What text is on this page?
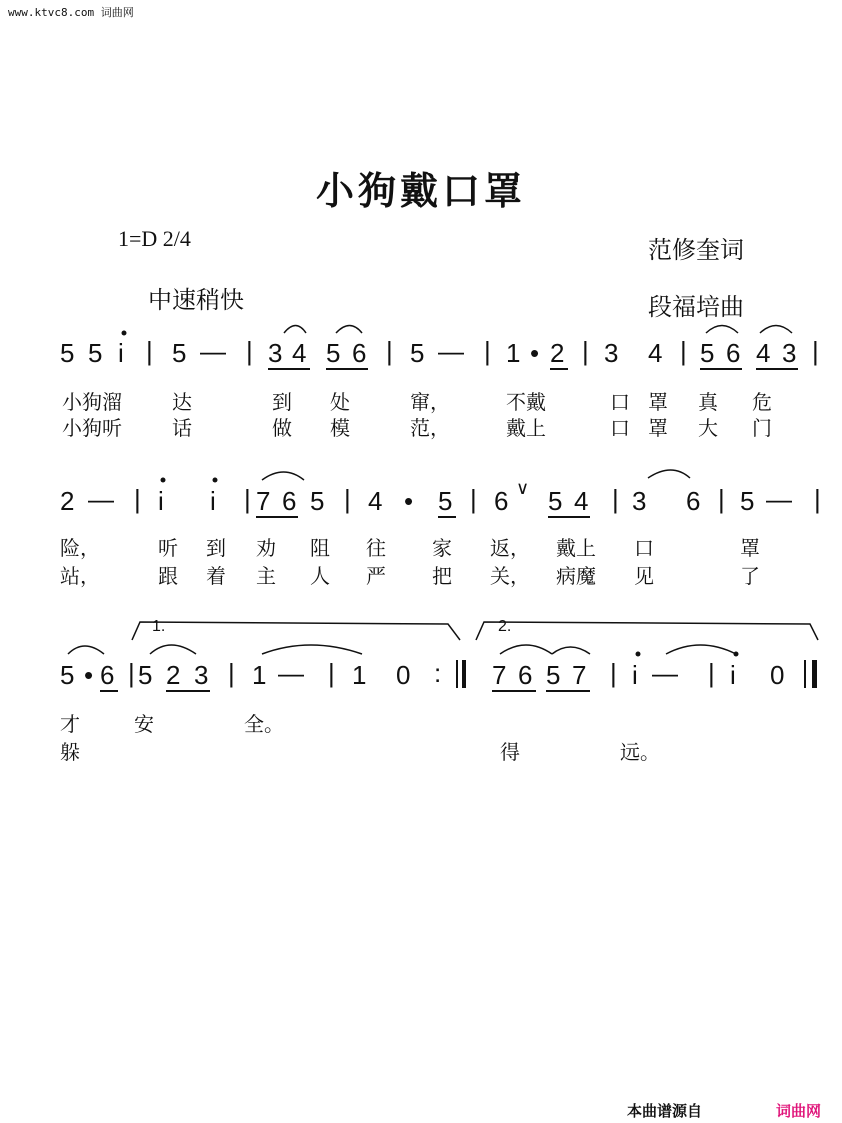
www.ktvc8.com 词曲网
小狗戴口罩
1=D 2/4
中速稍快
范修奎词
段福培曲
5 5 i | 5 — | 3 4 5 6 | 5 — | 1 • 2 | 3 4 | 5 6 4 3 |
小狗溜	达	到 处	窜，	不戴	口 罩 真 危
小狗听	话	做 模	范，	戴上	口 罩 大 门
2 — | i i | 7 6 5 | 4 • 5 | 6 ∨ 5 4 | 3 6 | 5 — |
险，	听 到 劝 阻 往 家 返， 戴上 口	罩
站，	跟 着 主 人 严 把 关， 病魔 见	了
1.	2.
5 • 6 | 5 2 3 | 1 — | 1 0 : 7 6 5 7 | i — | i 0
才	安	全。
躲	得	远。
本曲谱源自	词曲网
